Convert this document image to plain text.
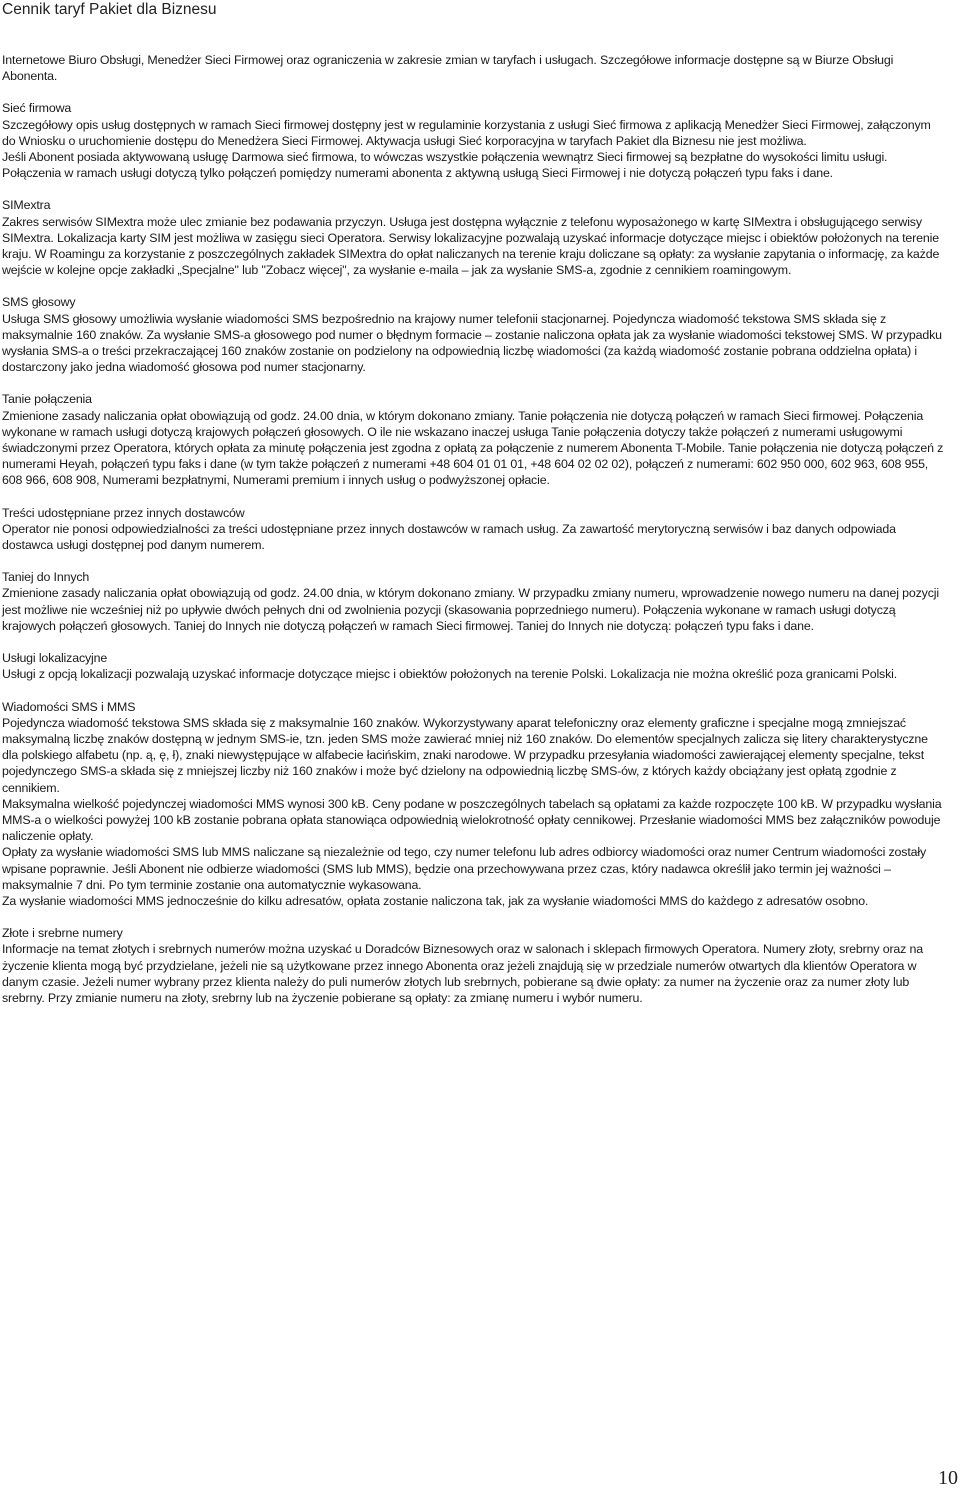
Cennik taryf Pakiet dla Biznesu

Internetowe Biuro Obsługi, Menedżer Sieci Firmowej oraz ograniczenia w zakresie zmian w taryfach i usługach. Szczegółowe informacje dostępne są w Biurze Obsługi Abonenta.

Sieć firmowa

Szczegółowy opis usług dostępnych w ramach Sieci firmowej dostępny jest w regulaminie korzystania z usługi Sieć firmowa z aplikacją Menedżer Sieci Firmowej, załączonym do Wniosku o uruchomienie dostępu do Menedżera Sieci Firmowej. Aktywacja usługi Sieć korporacyjna w taryfach Pakiet dla Biznesu nie jest możliwa.

Jeśli Abonent posiada aktywowaną usługę Darmowa sieć firmowa, to wówczas wszystkie połączenia wewnątrz Sieci firmowej są bezpłatne do wysokości limitu usługi.

Połączenia w ramach usługi dotyczą tylko połączeń pomiędzy numerami abonenta z aktywną usługą Sieci Firmowej i nie dotyczą połączeń typu faks i dane.

SIMextra

Zakres serwisów SIMextra może ulec zmianie bez podawania przyczyn. Usługa jest dostępna wyłącznie z telefonu wyposażonego w kartę SIMextra i obsługującego serwisy SIMextra. Lokalizacja karty SIM jest możliwa w zasięgu sieci Operatora. Serwisy lokalizacyjne pozwalają uzyskać informacje dotyczące miejsc i obiektów położonych na terenie kraju. W Roamingu za korzystanie z poszczególnych zakładek SIMextra do opłat naliczanych na terenie kraju doliczane są opłaty: za wysłanie zapytania o informację, za każde wejście w kolejne opcje zakładki „Specjalne" lub "Zobacz więcej", za wysłanie e-maila – jak za wysłanie SMS-a, zgodnie z cennikiem roamingowym.

SMS głosowy

Usługa SMS głosowy umożliwia wysłanie wiadomości SMS bezpośrednio na krajowy numer telefonii stacjonarnej. Pojedyncza wiadomość tekstowa SMS składa się z maksymalnie 160 znaków. Za wysłanie SMS-a głosowego pod numer o błędnym formacie – zostanie naliczona opłata jak za wysłanie wiadomości tekstowej SMS. W przypadku wysłania SMS-a o treści przekraczającej 160 znaków zostanie on podzielony na odpowiednią liczbę wiadomości (za każdą wiadomość zostanie pobrana oddzielna opłata) i dostarczony jako jedna wiadomość głosowa pod numer stacjonarny.

Tanie połączenia

Zmienione zasady naliczania opłat obowiązują od godz. 24.00 dnia, w którym dokonano zmiany. Tanie połączenia nie dotyczą połączeń w ramach Sieci firmowej. Połączenia wykonane w ramach usługi dotyczą krajowych połączeń głosowych. O ile nie wskazano inaczej usługa Tanie połączenia dotyczy także połączeń z numerami usługowymi świadczonymi przez Operatora, których opłata za minutę połączenia jest zgodna z opłatą za połączenie z numerem Abonenta T-Mobile. Tanie połączenia nie dotyczą połączeń z numerami Heyah, połączeń typu faks i dane (w tym także połączeń z numerami +48 604 01 01 01, +48 604 02 02 02), połączeń z numerami: 602 950 000, 602 963, 608 955, 608 966, 608 908, Numerami bezpłatnymi, Numerami premium i innych usług o podwyższonej opłacie.

Treści udostępniane przez innych dostawców

Operator nie ponosi odpowiedzialności za treści udostępniane przez innych dostawców w ramach usług. Za zawartość merytoryczną serwisów i baz danych odpowiada dostawca usługi dostępnej pod danym numerem.

Taniej do Innych

Zmienione zasady naliczania opłat obowiązują od godz. 24.00 dnia, w którym dokonano zmiany. W przypadku zmiany numeru, wprowadzenie nowego numeru na danej pozycji jest możliwe nie wcześniej niż po upływie dwóch pełnych dni od zwolnienia pozycji (skasowania poprzedniego numeru). Połączenia wykonane w ramach usługi dotyczą krajowych połączeń głosowych. Taniej do Innych nie dotyczą połączeń w ramach Sieci firmowej. Taniej do Innych nie dotyczą: połączeń typu faks i dane.

Usługi lokalizacyjne

Usługi z opcją lokalizacji pozwalają uzyskać informacje dotyczące miejsc i obiektów położonych na terenie Polski. Lokalizacja nie można określić poza granicami Polski.

Wiadomości SMS i MMS

Pojedyncza wiadomość tekstowa SMS składa się z maksymalnie 160 znaków. Wykorzystywany aparat telefoniczny oraz elementy graficzne i specjalne mogą zmniejszać maksymalną liczbę znaków dostępną w jednym SMS-ie, tzn. jeden SMS może zawierać mniej niż 160 znaków. Do elementów specjalnych zalicza się litery charakterystyczne dla polskiego alfabetu (np. ą, ę, ł), znaki niewystępujące w alfabecie łacińskim, znaki narodowe. W przypadku przesyłania wiadomości zawierającej elementy specjalne, tekst pojedynczego SMS-a składa się z mniejszej liczby niż 160 znaków i może być dzielony na odpowiednią liczbę SMS-ów, z których każdy obciążany jest opłatą zgodnie z cennikiem.

Maksymalna wielkość pojedynczej wiadomości MMS wynosi 300 kB. Ceny podane w poszczególnych tabelach są opłatami za każde rozpoczęte 100 kB. W przypadku wysłania MMS-a o wielkości powyżej 100 kB zostanie pobrana opłata stanowiąca odpowiednią wielokrotność opłaty cennikowej. Przesłanie wiadomości MMS bez załączników powoduje naliczenie opłaty.

Opłaty za wysłanie wiadomości SMS lub MMS naliczane są niezależnie od tego, czy numer telefonu lub adres odbiorcy wiadomości oraz numer Centrum wiadomości zostały wpisane poprawnie. Jeśli Abonent nie odbierze wiadomości (SMS lub MMS), będzie ona przechowywana przez czas, który nadawca określił jako termin jej ważności – maksymalnie 7 dni. Po tym terminie zostanie ona automatycznie wykasowana.

Za wysłanie wiadomości MMS jednocześnie do kilku adresatów, opłata zostanie naliczona tak, jak za wysłanie wiadomości MMS do każdego z adresatów osobno.

Złote i srebrne numery

Informacje na temat złotych i srebrnych numerów można uzyskać u Doradców Biznesowych oraz w salonach i sklepach firmowych Operatora. Numery złoty, srebrny oraz na życzenie klienta mogą być przydzielane, jeżeli nie są użytkowane przez innego Abonenta oraz jeżeli znajdują się w przedziale numerów otwartych dla klientów Operatora w danym czasie. Jeżeli numer wybrany przez klienta należy do puli numerów złotych lub srebrnych, pobierane są dwie opłaty: za numer na życzenie oraz za numer złoty lub srebrny. Przy zmianie numeru na złoty, srebrny lub na życzenie pobierane są opłaty: za zmianę numeru i wybór numeru.

10
